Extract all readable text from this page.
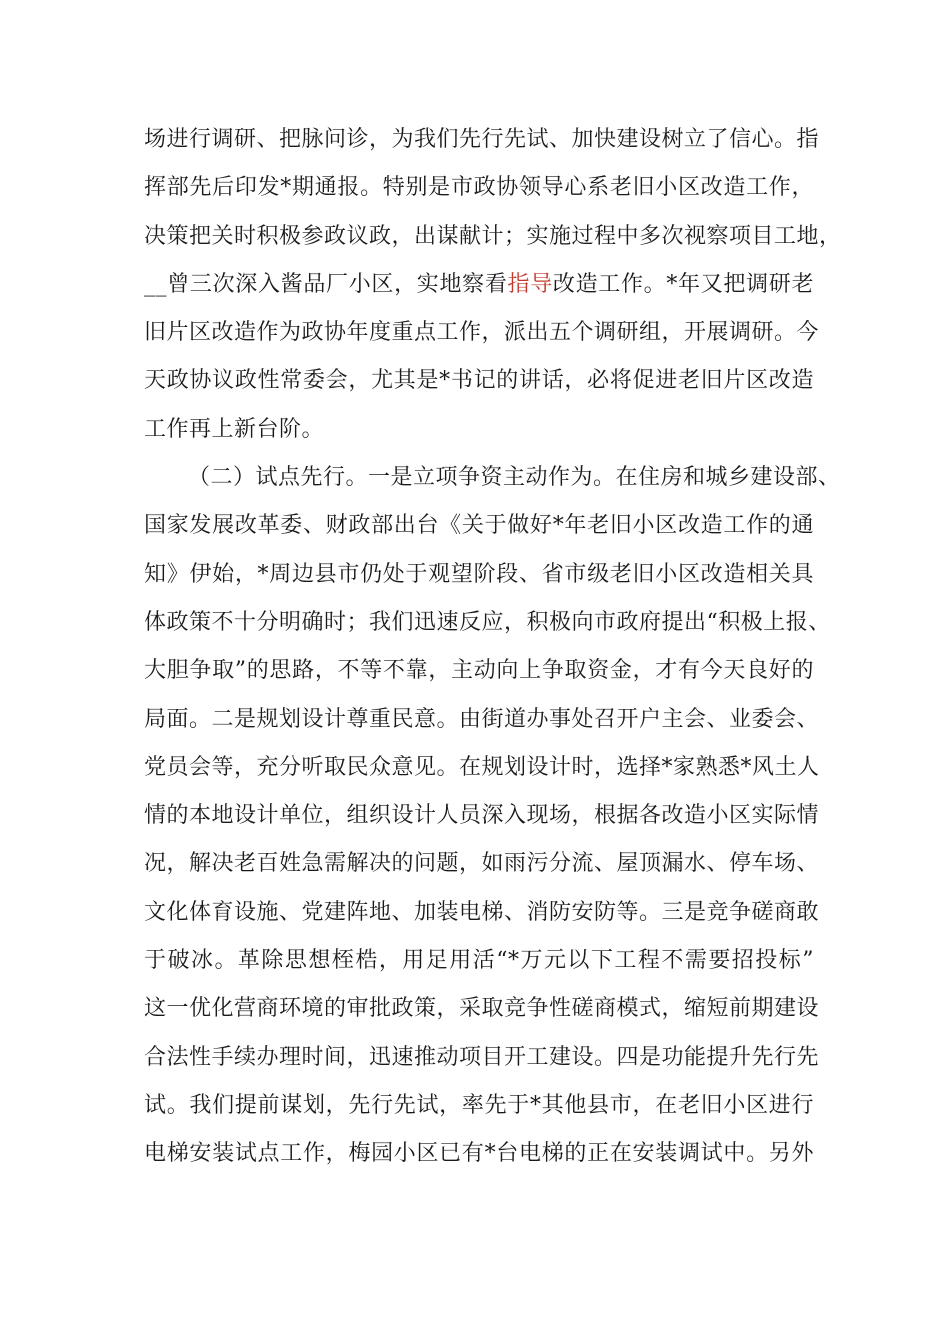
场进行调研、把脉问诊，为我们先行先试、加快建设树立了信心。指
挥部先后印发*期通报。特别是市政协领导心系老旧小区改造工作，
决策把关时积极参政议政，出谋献计；实施过程中多次视察项目工地，
__曾三次深入酱品厂小区，实地察看指导改造工作。*年又把调研老
旧片区改造作为政协年度重点工作，派出五个调研组，开展调研。今
天政协议政性常委会，尤其是*书记的讲话，必将促进老旧片区改造
工作再上新台阶。

（二）试点先行。一是立项争资主动作为。在住房和城乡建设部、
国家发展改革委、财政部出台《关于做好*年老旧小区改造工作的通
知》伊始，*周边县市仍处于观望阶段、省市级老旧小区改造相关具
体政策不十分明确时；我们迅速反应，积极向市政府提出“积极上报、
大胆争取”的思路，不等不靠，主动向上争取资金，才有今天良好的
局面。二是规划设计尊重民意。由街道办事处召开户主会、业委会、
党员会等，充分听取民众意见。在规划设计时，选择*家熟悉*风土人
情的本地设计单位，组织设计人员深入现场，根据各改造小区实际情
况，解决老百姓急需解决的问题，如雨污分流、屋顶漏水、停车场、
文化体育设施、党建阵地、加装电梯、消防安防等。三是竞争磋商敢
于破冰。革除思想桎梏，用足用活“*万元以下工程不需要招投标”
这一优化营商环境的审批政策，采取竞争性磋商模式，缩短前期建设
合法性手续办理时间，迅速推动项目开工建设。四是功能提升先行先
试。我们提前谋划，先行先试，率先于*其他县市，在老旧小区进行
电梯安装试点工作，梅园小区已有*台电梯的正在安装调试中。另外
